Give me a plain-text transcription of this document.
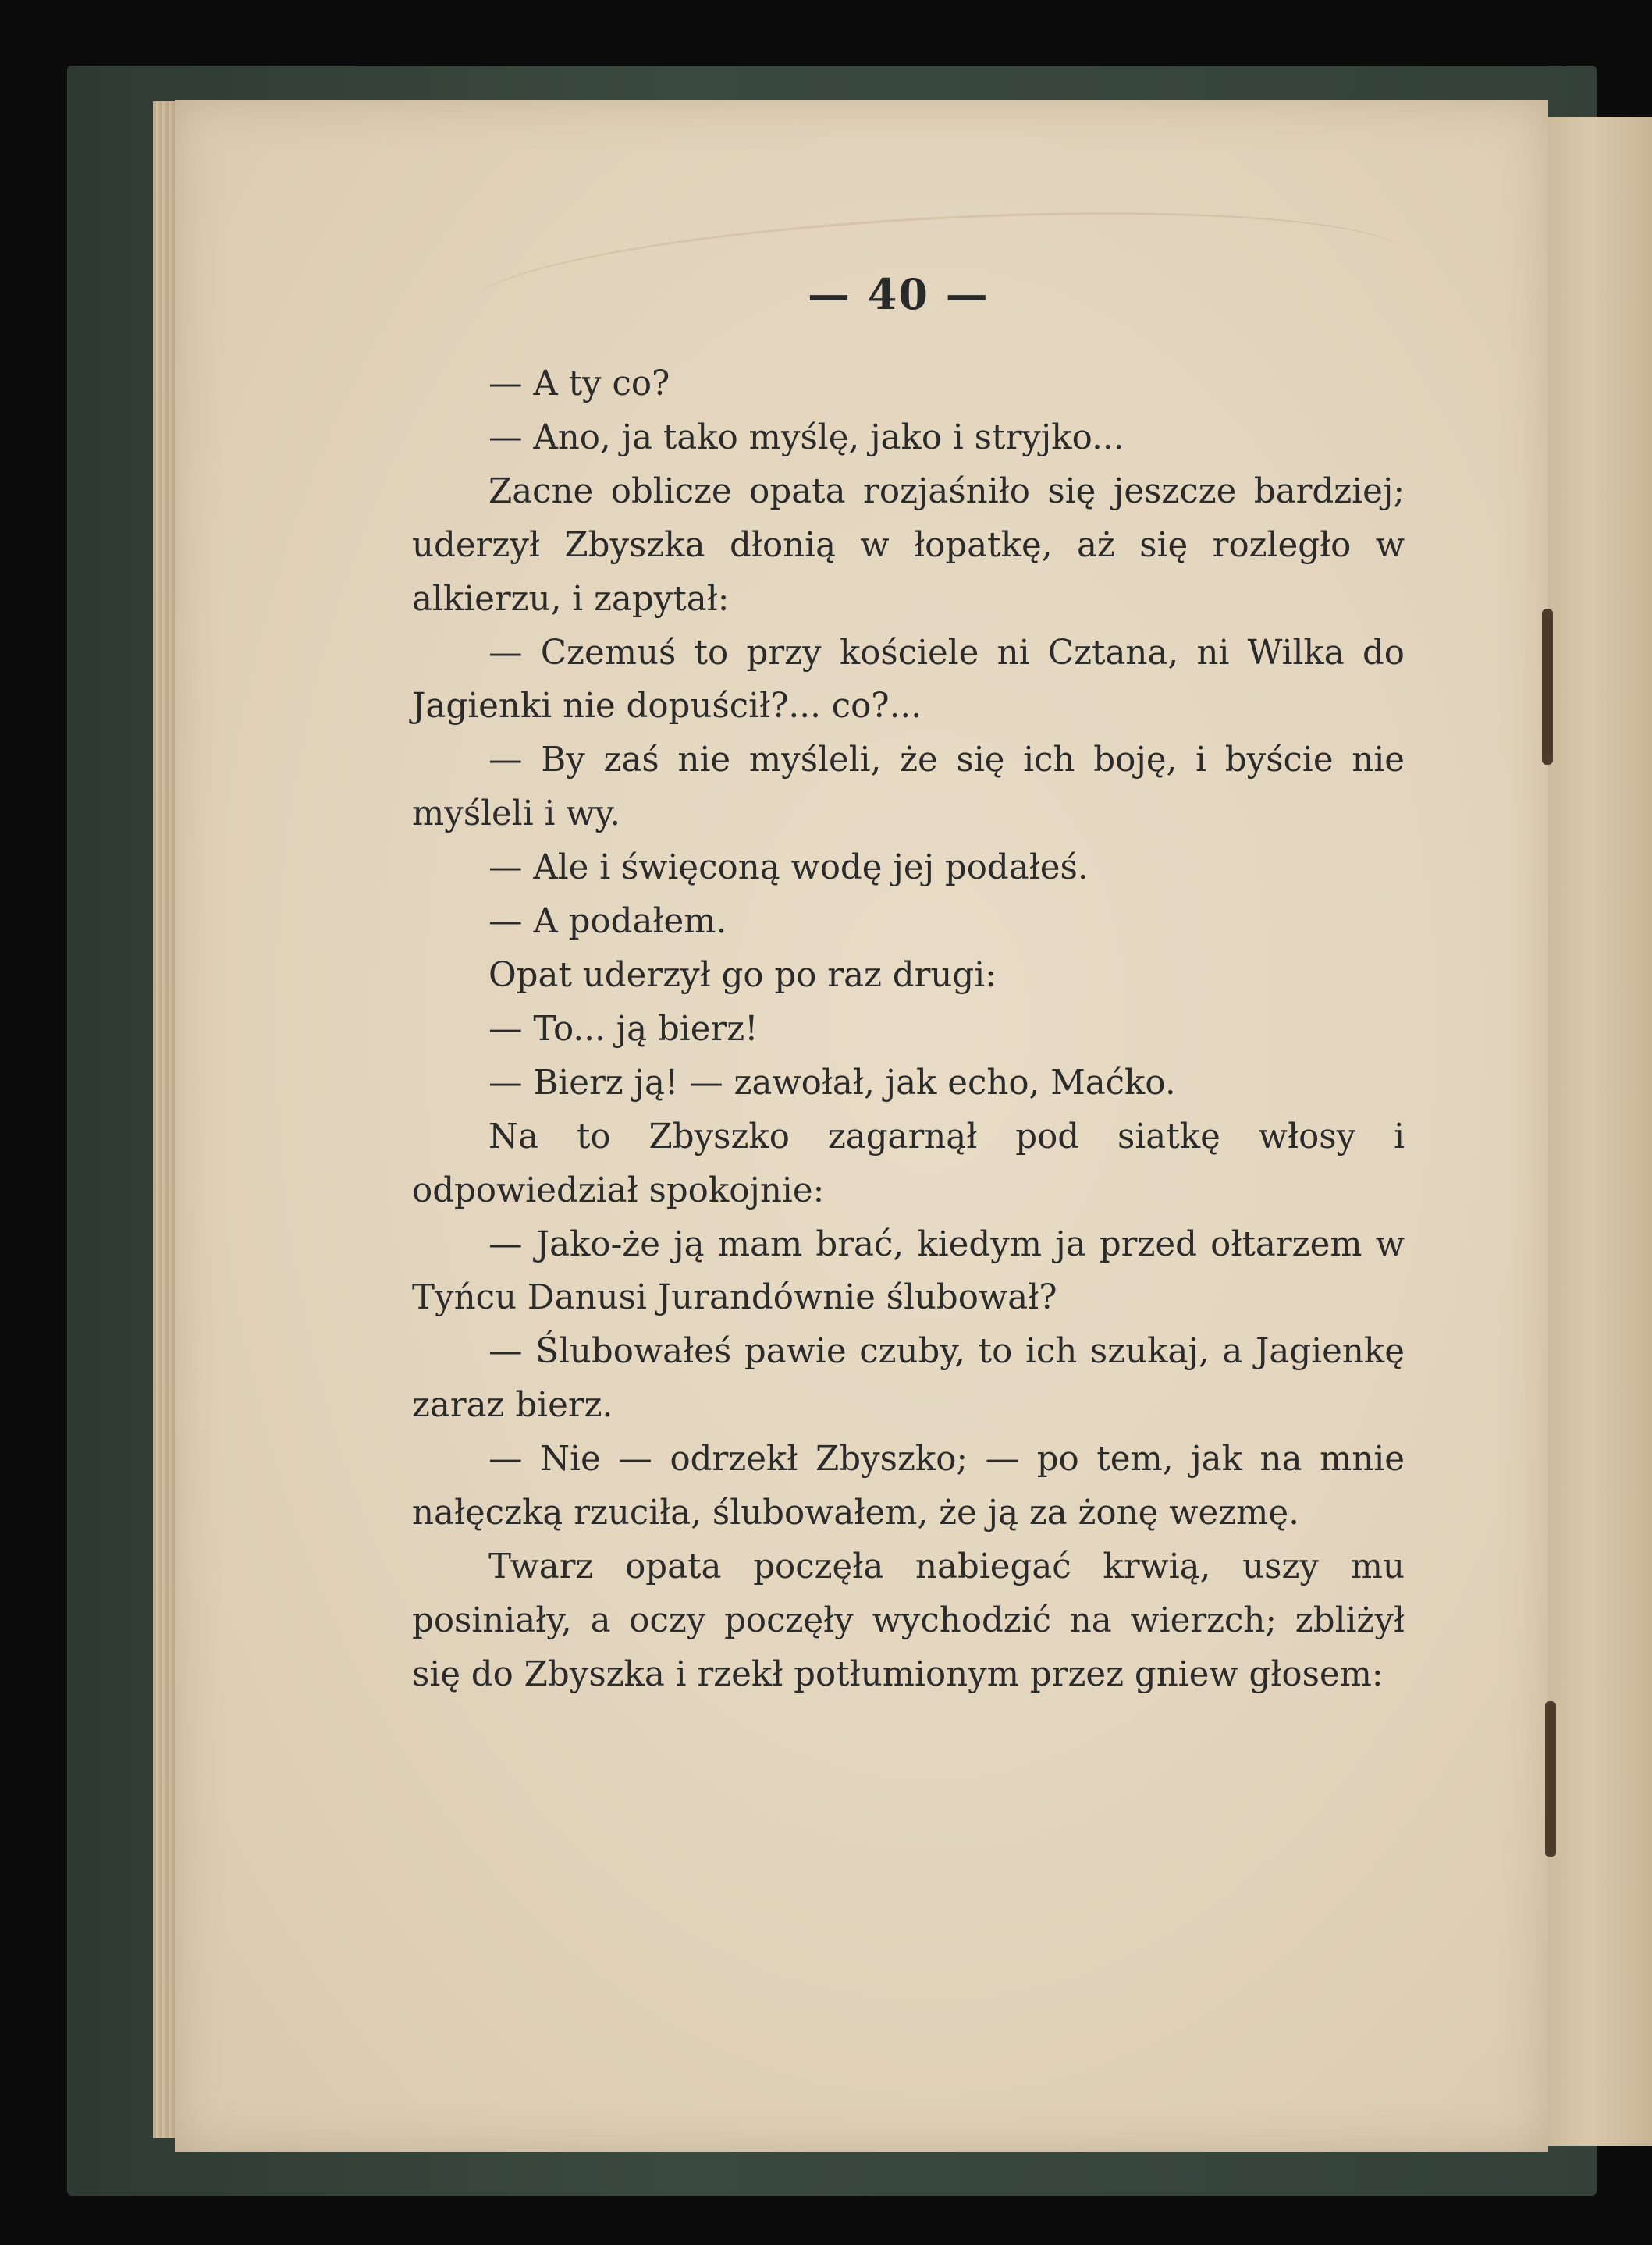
— 40 —

— A ty co?

— Ano, ja tako myślę, jako i stryjko...

Zacne oblicze opata rozjaśniło się jeszcze bardziej; uderzył Zbyszka dłonią w łopatkę, aż się rozległo w alkierzu, i zapytał:

— Czemuś to przy kościele ni Cztana, ni Wilka do Jagienki nie dopuścił?... co?...

— By zaś nie myśleli, że się ich boję, i byście nie myśleli i wy.

— Ale i święconą wodę jej podałeś.

— A podałem.

Opat uderzył go po raz drugi:

— To... ją bierz!

— Bierz ją! — zawołał, jak echo, Maćko.

Na to Zbyszko zagarnął pod siatkę włosy i odpowiedział spokojnie:

— Jako-że ją mam brać, kiedym ja przed ołtarzem w Tyńcu Danusi Jurandównie ślubował?

— Ślubowałeś pawie czuby, to ich szukaj, a Jagienkę zaraz bierz.

— Nie — odrzekł Zbyszko; — po tem, jak na mnie nałęczką rzuciła, ślubowałem, że ją za żonę wezmę.

Twarz opata poczęła nabiegać krwią, uszy mu posiniały, a oczy poczęły wychodzić na wierzch; zbliżył się do Zbyszka i rzekł potłumionym przez gniew głosem:
